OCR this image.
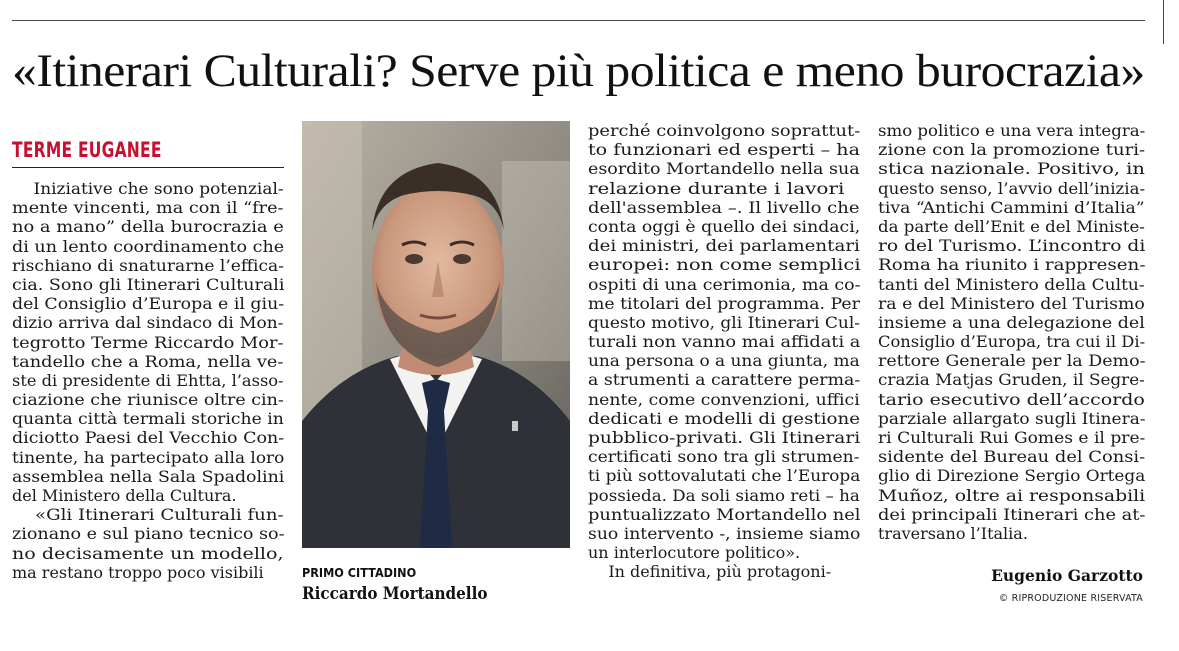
«Itinerari Culturali? Serve più politica e meno burocrazia»
TERME EUGANEE
Iniziative che sono potenzial-
mente vincenti, ma con il “fre-
no a mano” della burocrazia e
di un lento coordinamento che
rischiano di snaturarne l’effica-
cia. Sono gli Itinerari Culturali
del Consiglio d’Europa e il giu-
dizio arriva dal sindaco di Mon-
tegrotto Terme Riccardo Mor-
tandello che a Roma, nella ve-
ste di presidente di Ehtta, l’asso-
ciazione che riunisce oltre cin-
quanta città termali storiche in
diciotto Paesi del Vecchio Con-
tinente, ha partecipato alla loro
assemblea nella Sala Spadolini
del Ministero della Cultura.
«Gli Itinerari Culturali fun-
zionano e sul piano tecnico so-
no decisamente un modello,
ma restano troppo poco visibili	PRIMO CITTADINO
Riccardo Mortandello
perché coinvolgono soprattut-
to funzionari ed esperti – ha
esordito Mortandello nella sua
relazione durante i lavori
dell'assemblea –. Il livello che
conta oggi è quello dei sindaci,
dei ministri, dei parlamentari
europei: non come semplici
ospiti di una cerimonia, ma co-
me titolari del programma. Per
questo motivo, gli Itinerari Cul-
turali non vanno mai affidati a
una persona o a una giunta, ma
a strumenti a carattere perma-
nente, come convenzioni, uffici
dedicati e modelli di gestione
pubblico-privati. Gli Itinerari
certificati sono tra gli strumen-
ti più sottovalutati che l’Europa
possieda. Da soli siamo reti – ha
puntualizzato Mortandello nel
suo intervento -, insieme siamo
un interlocutore politico».
In definitiva, più protagoni-
smo politico e una vera integra-
zione con la promozione turi-
stica nazionale. Positivo, in
questo senso, l’avvio dell’inizia-
tiva “Antichi Cammini d’Italia”
da parte dell’Enit e del Ministe-
ro del Turismo. L’incontro di
Roma ha riunito i rappresen-
tanti del Ministero della Cultu-
ra e del Ministero del Turismo
insieme a una delegazione del
Consiglio d’Europa, tra cui il Di-
rettore Generale per la Demo-
crazia Matjas Gruden, il Segre-
tario esecutivo dell’accordo
parziale allargato sugli Itinera-
ri Culturali Rui Gomes e il pre-
sidente del Bureau del Consi-
glio di Direzione Sergio Ortega
Muñoz, oltre ai responsabili
dei principali Itinerari che at-
traversano l’Italia.
Eugenio Garzotto
© RIPRODUZIONE RISERVATA
